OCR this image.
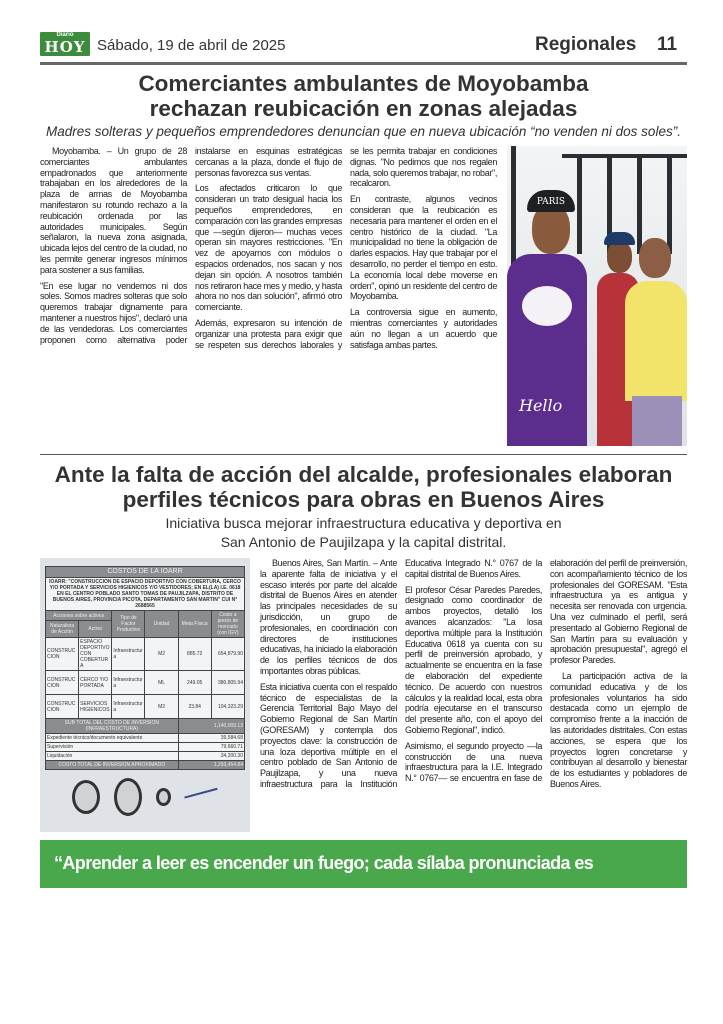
Diario
HOY Sábado, 19 de abril de 2025	Regionales 11
Comerciantes ambulantes de Moyobamba
rechazan reubicación en zonas alejadas
Madres solteras y pequeños emprendedores denuncian que en nueva ubicación “no venden ni dos soles”.

Moyobamba. – Un grupo de 28 comerciantes ambulantes empadronados que anteriormente trabajaban en los alrededores de la plaza de armas de Moyobamba manifestaron su rotundo rechazo a la reubicación ordenada por las autoridades municipales. Según señalaron, la nueva zona asignada, ubicada lejos del centro de la ciudad, no les permite generar ingresos mínimos para sostener a sus familias.

"En ese lugar no vendemos ni dos soles. Somos madres solteras que solo queremos trabajar dignamente para mantener a nuestros hijos", declaró una de las vendedoras. Los comerciantes proponen como alternativa poder instalarse en esquinas estratégicas cercanas a la plaza, donde el flujo de personas favorezca sus ventas.

Los afectados criticaron lo que consideran un trato desigual hacia los pequeños emprendedores, en comparación con las grandes empresas que —según dijeron— muchas veces operan sin mayores restricciones. "En vez de apoyarnos con módulos o espacios ordenados, nos sacan y nos dejan sin opción. A nosotros también nos retiraron hace mes y medio, y hasta ahora no nos dan solución", afirmó otro comerciante.

Además, expresaron su intención de organizar una protesta para exigir que se respeten sus derechos laborales y se les permita trabajar en condiciones dignas. "No pedimos que nos regalen nada, solo queremos trabajar, no robar", recalcaron.

En contraste, algunos vecinos consideran que la reubicación es necesaria para mantener el orden en el centro histórico de la ciudad. "La municipalidad no tiene la obligación de darles espacios. Hay que trabajar por el desarrollo, no perder el tiempo en esto. La economía local debe moverse en orden", opinó un residente del centro de Moyobamba.

La controversia sigue en aumento, mientras comerciantes y autoridades aún no llegan a un acuerdo que satisfaga ambas partes.

PARIS
Hello
Ante la falta de acción del alcalde, profesionales elaboran
perfiles técnicos para obras en Buenos Aires
Iniciativa busca mejorar infraestructura educativa y deportiva en
San Antonio de Paujilzapa y la capital distrital.
COSTOS DE LA IOARR					
IOARR: "CONSTRUCCION DE ESPACIO DEPORTIVO CON COBERTURA, CERCO Y/O PORTADA Y SERVICIOS HIGIENICOS Y/O VESTIDORES; EN EL(LA) I.E. 0618 EN EL CENTRO POBLADO SANTO TOMAS DE PAUJILZAPA, DISTRITO DE BUENOS AIRES, PROVINCIA PICOTA, DEPARTAMENTO SAN MARTIN" CUI N° 2688565					
Acciones sobre activos		Tipo de Factor Productivo	Unidad	Meta Física	Costo a precio de mercado (con IGV)
Naturaleza de Acción	Activo				
CONSTRUCCION	ESPACIO DEPORTIVO CON COBERTURA	Infraestructura	M2	885.72	654,879.90
CONSTRUCCION	CERCO Y/O PORTADA	Infraestructura	ML	249.05	380,805.94
CONSTRUCCION	SERVICIOS HIGIENICOS	Infraestructura	M2	23.84	104,323.29
SUB TOTAL DEL COSTO DE INVERSION (INFRAESTRUCTURA)				1,140,009.13	
Expediente técnico/documento equivalente				39,584.68	
Supervisión				79,660.71	
Liquidación				34,200.30	
COSTO TOTAL DE INVERSION APROXIMADO				1,293,454.84	

Buenos Aires, San Martín. – Ante la aparente falta de iniciativa y el escaso interés por parte del alcalde distrital de Buenos Aires en atender las principales necesidades de su jurisdicción, un grupo de profesionales, en coordinación con directores de instituciones educativas, ha iniciado la elaboración de los perfiles técnicos de dos importantes obras públicas.

Esta iniciativa cuenta con el respaldo técnico de especialistas de la Gerencia Territorial Bajo Mayo del Gobierno Regional de San Martín (GORESAM) y contempla dos proyectos clave: la construcción de una loza deportiva múltiple en el centro poblado de San Antonio de Paujilzapa, y una nueva infraestructura para la Institución Educativa Integrado N.° 0767 de la capital distrital de Buenos Aires.

El profesor César Paredes Paredes, designado como coordinador de ambos proyectos, detalló los avances alcanzados: "La losa deportiva múltiple para la Institución Educativa 0618 ya cuenta con su perfil de preinversión aprobado, y actualmente se encuentra en la fase de elaboración del expediente técnico. De acuerdo con nuestros cálculos y la realidad local, esta obra podría ejecutarse en el transcurso del presente año, con el apoyo del Gobierno Regional", indicó.

Asimismo, el segundo proyecto —la construcción de una nueva infraestructura para la I.E. Integrado N.° 0767— se encuentra en fase de elaboración del perfil de preinversión, con acompañamiento técnico de los profesionales del GORESAM. "Esta infraestructura ya es antigua y necesita ser renovada con urgencia. Una vez culminado el perfil, será presentado al Gobierno Regional de San Martín para su evaluación y aprobación presupuestal", agregó el profesor Paredes.

La participación activa de la comunidad educativa y de los profesionales voluntarios ha sido destacada como un ejemplo de compromiso frente a la inacción de las autoridades distritales. Con estas acciones, se espera que los proyectos logren concretarse y contribuyan al desarrollo y bienestar de los estudiantes y pobladores de Buenos Aires.

“Aprender a leer es encender un fuego; cada sílaba pronunciada es
